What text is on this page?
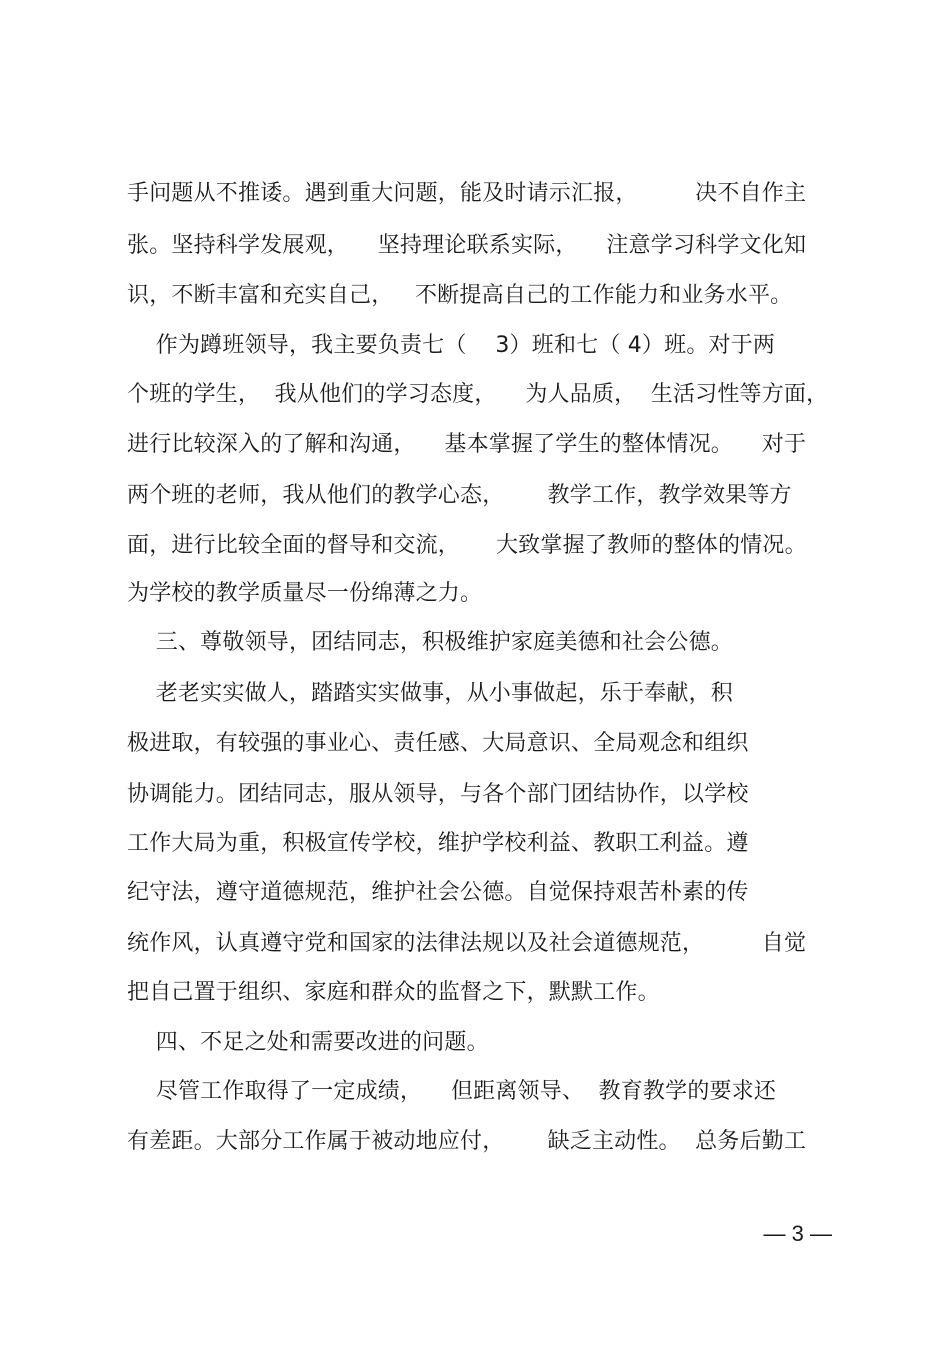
手问题从不推诿。遇到重大问题，能及时请示汇报，        决不自作主
张。坚持科学发展观，    坚持理论联系实际，    注意学习科学文化知
识，不断丰富和充实自己，   不断提高自己的工作能力和业务水平。
作为蹲班领导，我主要负责七（    3）班和七（ 4）班。对于两
个班的学生，  我从他们的学习态度，    为人品质，  生活习性等方面，
进行比较深入的了解和沟通，    基本掌握了学生的整体情况。    对于
两个班的老师，我从他们的教学心态，      教学工作，教学效果等方
面，进行比较全面的督导和交流，     大致掌握了教师的整体的情况。
为学校的教学质量尽一份绵薄之力。
三、尊敬领导，团结同志，积极维护家庭美德和社会公德。
老老实实做人，踏踏实实做事，从小事做起，乐于奉献，积
极进取，有较强的事业心、责任感、大局意识、全局观念和组织
协调能力。团结同志，服从领导，与各个部门团结协作，以学校
工作大局为重，积极宣传学校，维护学校利益、教职工利益。遵
纪守法，遵守道德规范，维护社会公德。自觉保持艰苦朴素的传
统作风，认真遵守党和国家的法律法规以及社会道德规范，        自觉
把自己置于组织、家庭和群众的监督之下，默默工作。
四、不足之处和需要改进的问题。
尽管工作取得了一定成绩，    但距离领导、  教育教学的要求还
有差距。大部分工作属于被动地应付，      缺乏主动性。  总务后勤工
— 3 —
